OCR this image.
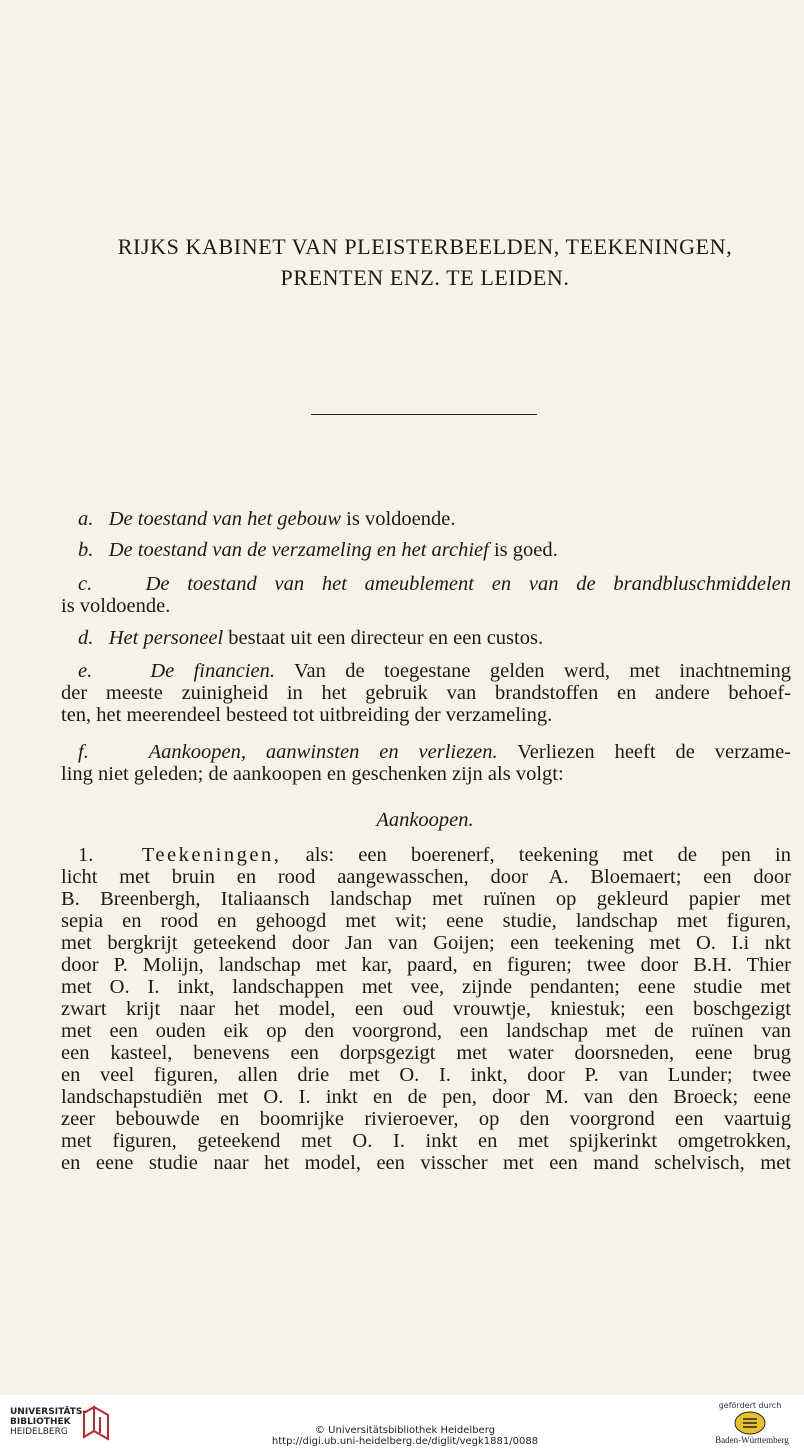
RIJKS KABINET VAN PLEISTERBEELDEN, TEEKENINGEN,
PRENTEN ENZ. TE LEIDEN.
a. De toestand van het gebouw is voldoende.
b. De toestand van de verzameling en het archief is goed.
c.	De toestand van het ameublement en van de brandbluschmiddelen
is voldoende.
d. Het personeel bestaat uit een directeur en een custos.
e.	De financien. Van de toegestane gelden werd, met inachtneming
der meeste zuinigheid in het gebruik van brandstoffen en andere behoef-
ten, het meerendeel besteed tot uitbreiding der verzameling.
f.	Aankoopen, aanwinsten en verliezen. Verliezen heeft de verzame-
ling niet geleden; de aankoopen en geschenken zijn als volgt:
Aankoopen.
1. Teekeningen, als: een boerenerf, teekening met de pen in
licht met bruin en rood aangewasschen, door A. Bloemaert; een door
B. Breenbergh, Italiaansch landschap met ruïnen op gekleurd papier met
sepia en rood en gehoogd met wit; eene studie, landschap met figuren,
met bergkrijt geteekend door Jan van Goijen; een teekening met O. I.i nkt
door P. Molijn, landschap met kar, paard, en figuren; twee door B.H. Thier
met O. I. inkt, landschappen met vee, zijnde pendanten; eene studie met
zwart krijt naar het model, een oud vrouwtje, kniestuk; een boschgezigt
met een ouden eik op den voorgrond, een landschap met de ruïnen van
een kasteel, benevens een dorpsgezigt met water doorsneden, eene brug
en veel figuren, allen drie met O. I. inkt, door P. van Lunder; twee
landschapstudiën met O. I. inkt en de pen, door M. van den Broeck; eene
zeer bebouwde en boomrijke rivieroever, op den voorgrond een vaartuig
met figuren, geteekend met O. I. inkt en met spijkerinkt omgetrokken,
en eene studie naar het model, een visscher met een mand schelvisch, met
UNIVERSITÄTS-
BIBLIOTHEK
HEIDELBERG	© Universitätsbibliothek Heidelberg
http://digi.ub.uni-heidelberg.de/diglit/vegk1881/0088
gefördert durch
Baden-Württemberg
